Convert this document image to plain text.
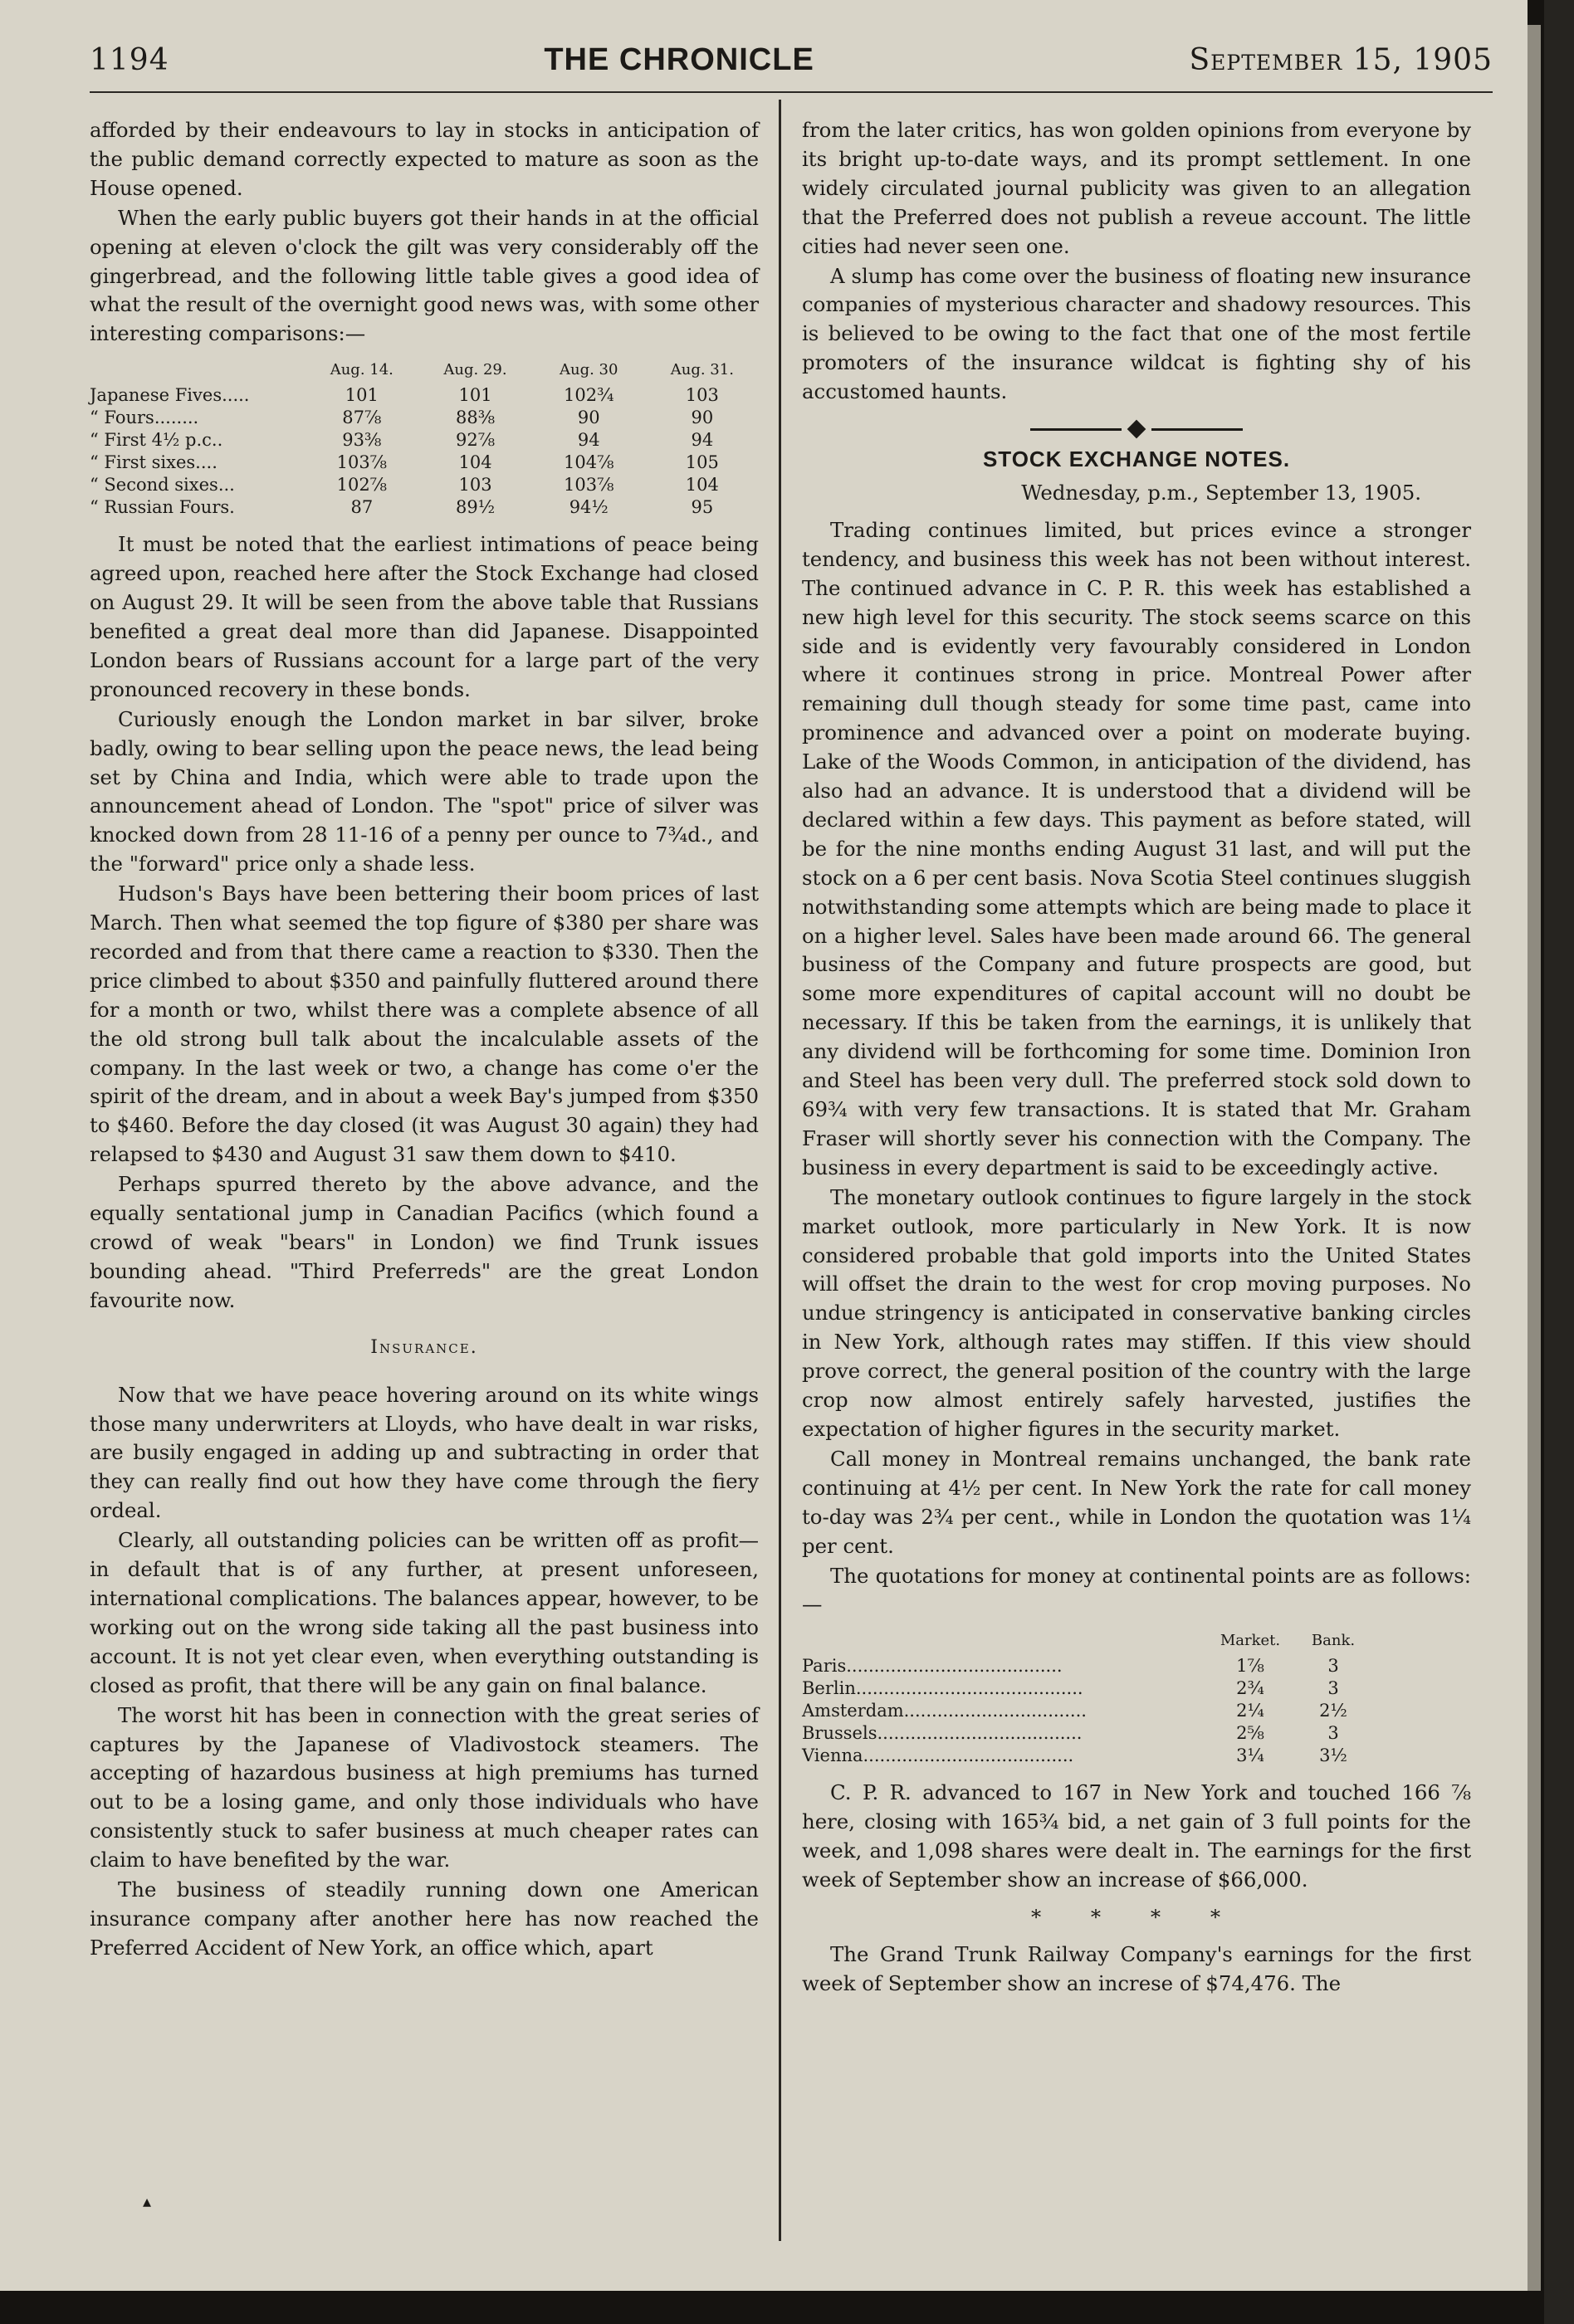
1194	THE CHRONICLE	September 15, 1905

afforded by their endeavours to lay in stocks in anticipation of the public demand correctly expected to mature as soon as the House opened.

When the early public buyers got their hands in at the official opening at eleven o'clock the gilt was very considerably off the gingerbread, and the following little table gives a good idea of what the result of the overnight good news was, with some other interesting comparisons:—

	Aug. 14.	Aug. 29.	Aug. 30	Aug. 31.
Japanese Fives.....	101	101	102¾	103
“ Fours........	87⅞	88⅜	90	90
“ First 4½ p.c..	93⅜	92⅞	94	94
“ First sixes....	103⅞	104	104⅞	105
“ Second sixes...	102⅞	103	103⅞	104
“ Russian Fours.	87	89½	94½	95

It must be noted that the earliest intimations of peace being agreed upon, reached here after the Stock Exchange had closed on August 29. It will be seen from the above table that Russians benefited a great deal more than did Japanese. Disappointed London bears of Russians account for a large part of the very pronounced recovery in these bonds.

Curiously enough the London market in bar silver, broke badly, owing to bear selling upon the peace news, the lead being set by China and India, which were able to trade upon the announcement ahead of London. The "spot" price of silver was knocked down from 28 11-16 of a penny per ounce to 7¾d., and the "forward" price only a shade less.

Hudson's Bays have been bettering their boom prices of last March. Then what seemed the top figure of $380 per share was recorded and from that there came a reaction to $330. Then the price climbed to about $350 and painfully fluttered around there for a month or two, whilst there was a complete absence of all the old strong bull talk about the incalculable assets of the company. In the last week or two, a change has come o'er the spirit of the dream, and in about a week Bay's jumped from $350 to $460. Before the day closed (it was August 30 again) they had relapsed to $430 and August 31 saw them down to $410.

Perhaps spurred thereto by the above advance, and the equally sentational jump in Canadian Pacifics (which found a crowd of weak "bears" in London) we find Trunk issues bounding ahead. "Third Preferreds" are the great London favourite now.

Insurance.

Now that we have peace hovering around on its white wings those many underwriters at Lloyds, who have dealt in war risks, are busily engaged in adding up and subtracting in order that they can really find out how they have come through the fiery ordeal.

Clearly, all outstanding policies can be written off as profit—in default that is of any further, at present unforeseen, international complications. The balances appear, however, to be working out on the wrong side taking all the past business into account. It is not yet clear even, when everything outstanding is closed as profit, that there will be any gain on final balance.

The worst hit has been in connection with the great series of captures by the Japanese of Vladivostock steamers. The accepting of hazardous business at high premiums has turned out to be a losing game, and only those individuals who have consistently stuck to safer business at much cheaper rates can claim to have benefited by the war.

The business of steadily running down one American insurance company after another here has now reached the Preferred Accident of New York, an office which, apart

from the later critics, has won golden opinions from everyone by its bright up-to-date ways, and its prompt settlement. In one widely circulated journal publicity was given to an allegation that the Preferred does not publish a reveue account. The little cities had never seen one.

A slump has come over the business of floating new insurance companies of mysterious character and shadowy resources. This is believed to be owing to the fact that one of the most fertile promoters of the insurance wildcat is fighting shy of his accustomed haunts.

STOCK EXCHANGE NOTES.
Wednesday, p.m., September 13, 1905.

Trading continues limited, but prices evince a stronger tendency, and business this week has not been without interest. The continued advance in C. P. R. this week has established a new high level for this security. The stock seems scarce on this side and is evidently very favourably considered in London where it continues strong in price. Montreal Power after remaining dull though steady for some time past, came into prominence and advanced over a point on moderate buying. Lake of the Woods Common, in anticipation of the dividend, has also had an advance. It is understood that a dividend will be declared within a few days. This payment as before stated, will be for the nine months ending August 31 last, and will put the stock on a 6 per cent basis. Nova Scotia Steel continues sluggish notwithstanding some attempts which are being made to place it on a higher level. Sales have been made around 66. The general business of the Company and future prospects are good, but some more expenditures of capital account will no doubt be necessary. If this be taken from the earnings, it is unlikely that any dividend will be forthcoming for some time. Dominion Iron and Steel has been very dull. The preferred stock sold down to 69¾ with very few transactions. It is stated that Mr. Graham Fraser will shortly sever his connection with the Company. The business in every department is said to be exceedingly active.

The monetary outlook continues to figure largely in the stock market outlook, more particularly in New York. It is now considered probable that gold imports into the United States will offset the drain to the west for crop moving purposes. No undue stringency is anticipated in conservative banking circles in New York, although rates may stiffen. If this view should prove correct, the general position of the country with the large crop now almost entirely safely harvested, justifies the expectation of higher figures in the security market.

Call money in Montreal remains unchanged, the bank rate continuing at 4½ per cent. In New York the rate for call money to-day was 2¾ per cent., while in London the quotation was 1¼ per cent.

The quotations for money at continental points are as follows:—

	Market.	Bank.
Paris.......................................	1⅞	3
Berlin.........................................	2¾	3
Amsterdam.................................	2¼	2½
Brussels.....................................	2⅝	3
Vienna......................................	3¼	3½

C. P. R. advanced to 167 in New York and touched 166 ⅞ here, closing with 165¾ bid, a net gain of 3 full points for the week, and 1,098 shares were dealt in. The earnings for the first week of September show an increase of $66,000.

* * * *

The Grand Trunk Railway Company's earnings for the first week of September show an increse of $74,476. The

▴
